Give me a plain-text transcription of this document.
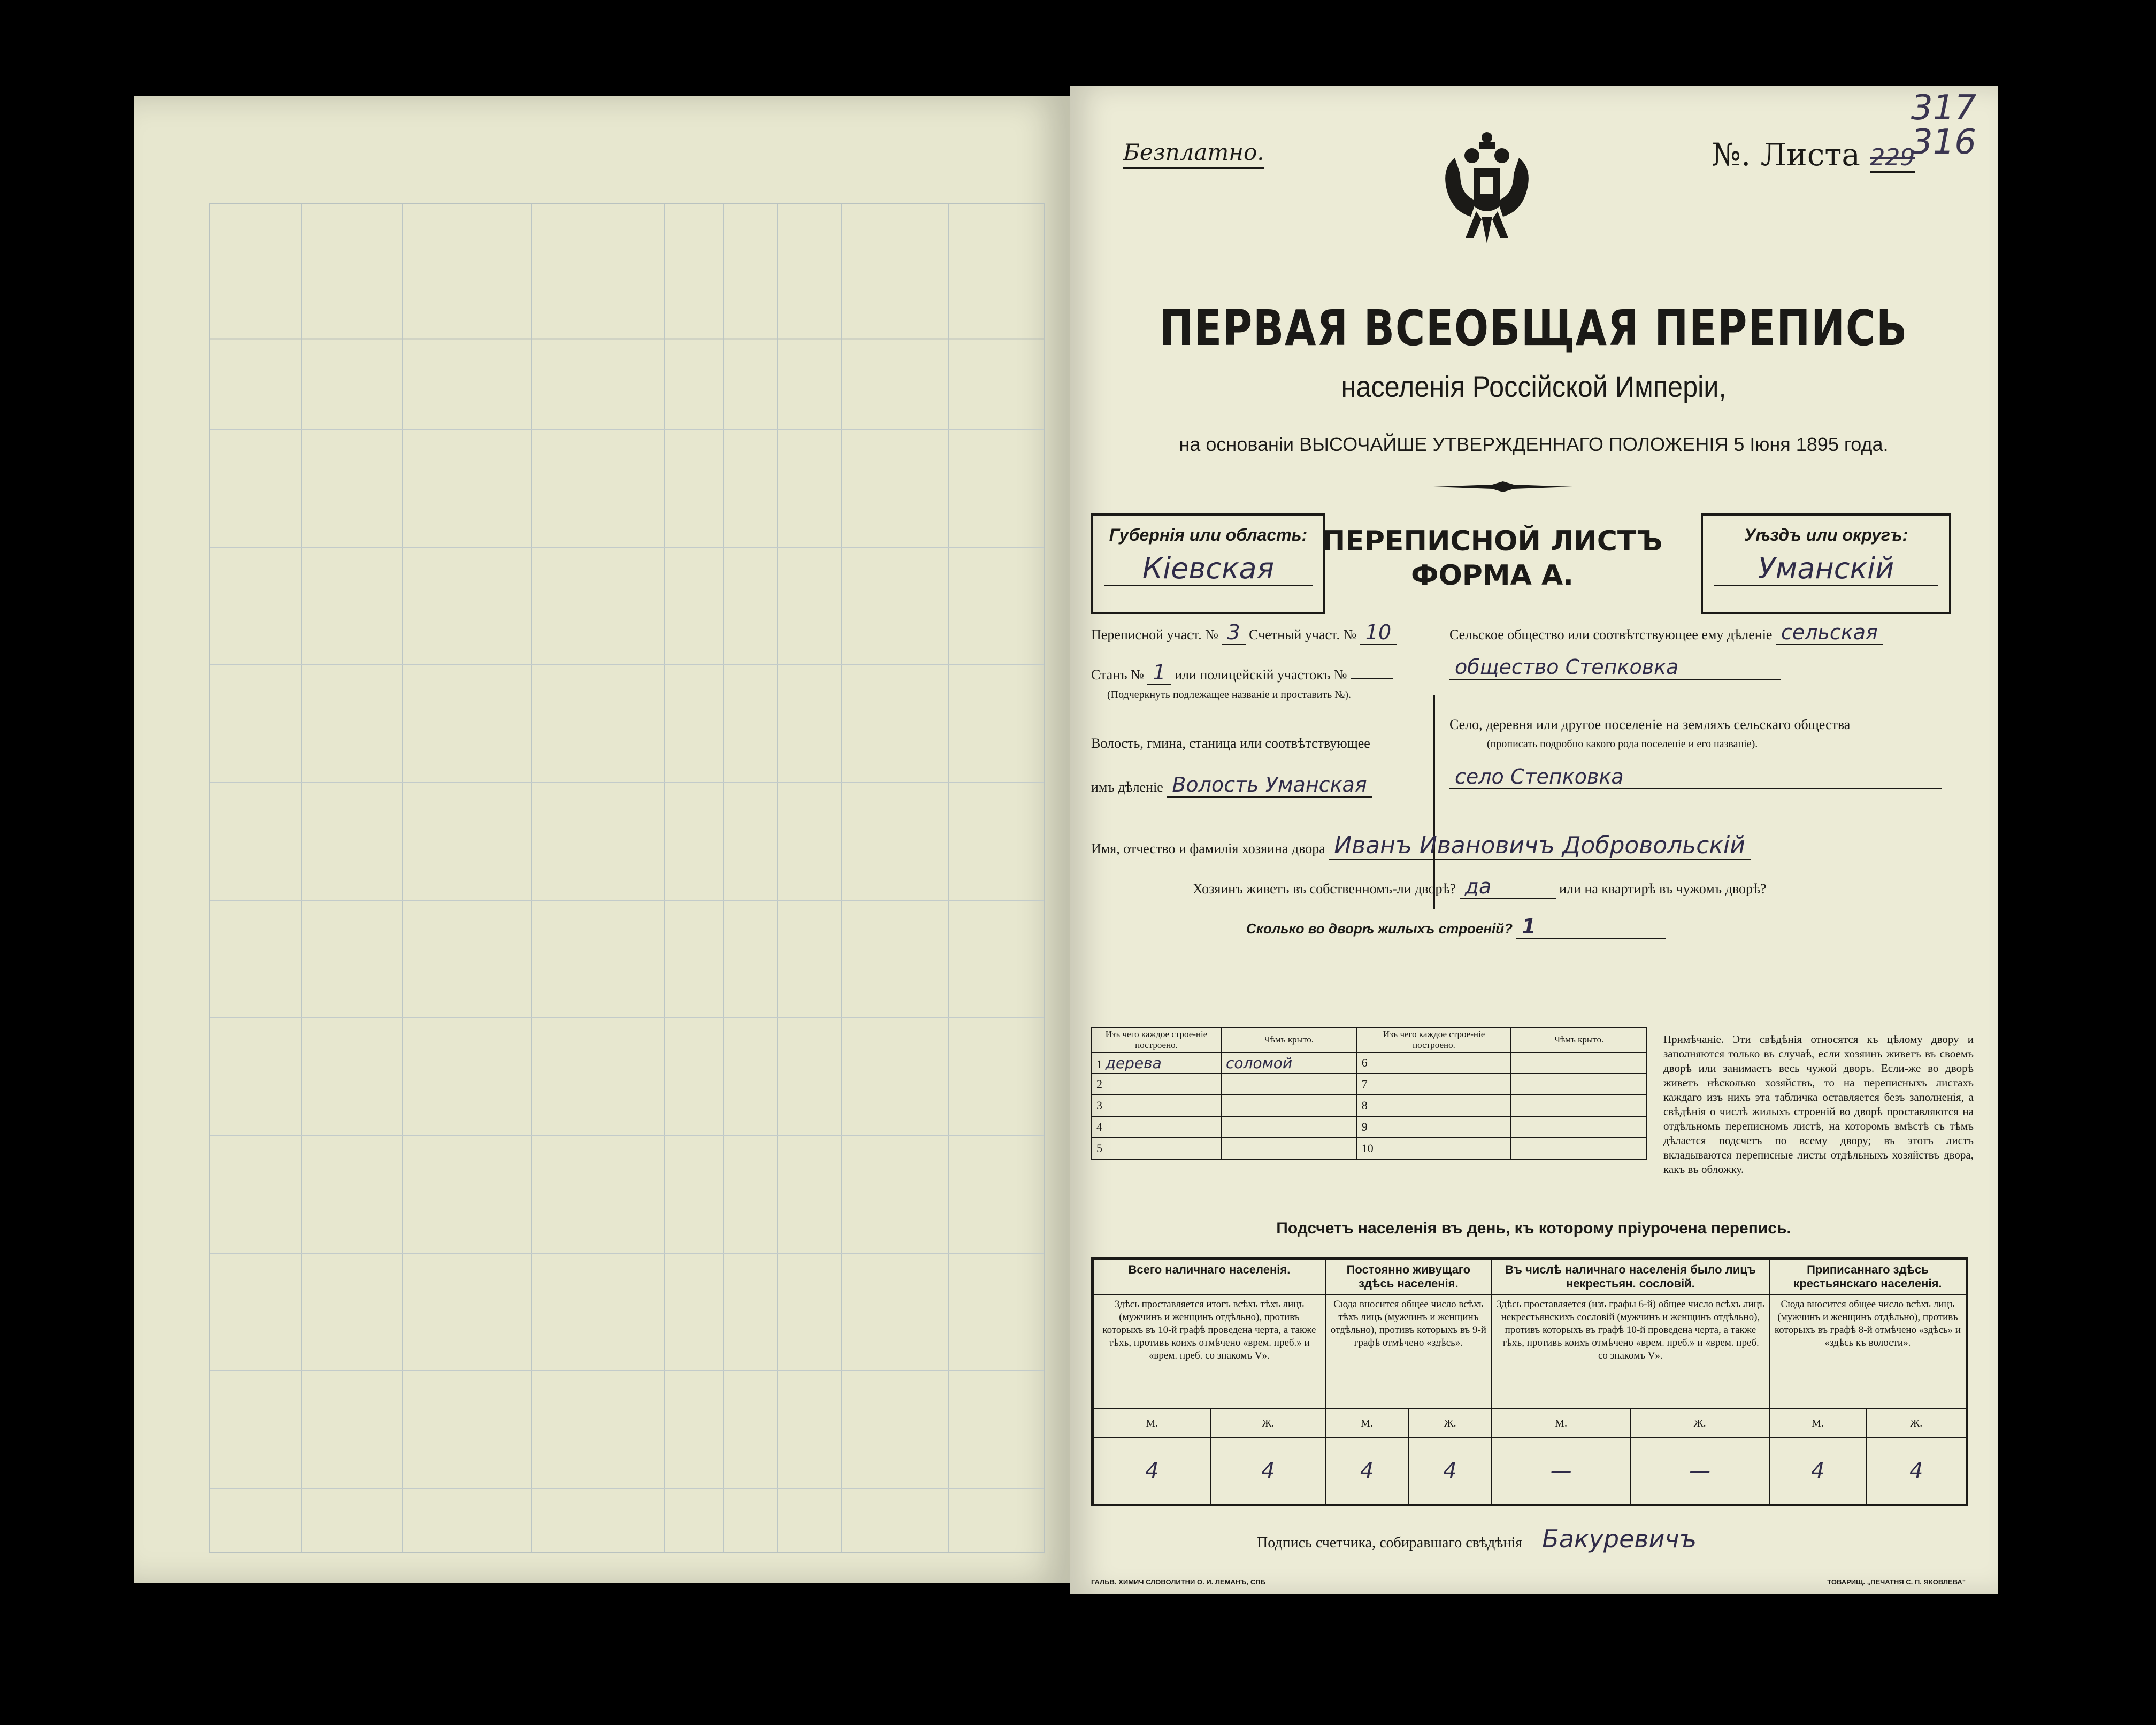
317
316
Безплатно.	№. Листа 229
ПЕРВАЯ ВСЕОБЩАЯ ПЕРЕПИСЬ
населенія Россійской Имперіи,
на основаніи ВЫСОЧАЙШЕ УТВЕРЖДЕННАГО ПОЛОЖЕНІЯ 5 Іюня 1895 года.
Губернія или область:
Кіевская
ПЕРЕПИСНОЙ ЛИСТЪ
ФОРМА А.
Уѣздъ или округъ:
Уманскій
Переписной участ. № 3 Счетный участ. № 10
Станъ № 1 или полицейскій участокъ №
(Подчеркнуть подлежащее названіе и проставить №).
Волость, гмина, станица или соотвѣтствующее
имъ дѣленіе Волость Уманская
Сельское общество или соотвѣтствующее ему дѣленіе сельская
общество Степковка
Село, деревня или другое поселеніе на земляхъ сельскаго общества
(прописать подробно какого рода поселеніе и его названіе).
село Степковка
Имя, отчество и фамилія хозяина двора Иванъ Ивановичъ Добровольскій
Хозяинъ живетъ въ собственномъ-ли дворѣ? да	или на квартирѣ въ чужомъ дворѣ?
Сколько во дворѣ жилыхъ строеній? 1
Изъ чего каждое строе-ніе построено.	Чѣмъ крыто.	Изъ чего каждое строе-ніе построено.	Чѣмъ крыто.
1 дерева	соломой	6	
2		7	
3		8	
4		9	
5		10	
Примѣчаніе. Эти свѣдѣнія относятся къ цѣлому двору и заполняются только въ случаѣ, если хозяинъ живетъ въ своемъ дворѣ или занимаетъ весь чужой дворъ. Если-же во дворѣ живетъ нѣсколько хозяйствъ, то на переписныхъ листахъ каждаго изъ нихъ эта табличка оставляется безъ заполненія, а свѣдѣнія о числѣ жилыхъ строеній во дворѣ проставляются на отдѣльномъ переписномъ листѣ, на которомъ вмѣстѣ съ тѣмъ дѣлается подсчетъ по всему двору; въ этотъ листъ вкладываются переписные листы отдѣльныхъ хозяйствъ двора, какъ въ обложку.
Подсчетъ населенія въ день, къ которому пріурочена перепись.
Всего наличнаго населенія.		Постоянно живущаго здѣсь населенія.		Въ числѣ наличнаго населенія было лицъ некрестьян. сословій.		Приписаннаго здѣсь крестьянскаго населенія.	
Здѣсь проставляется итогъ всѣхъ тѣхъ лицъ (мужчинъ и женщинъ отдѣльно), противъ которыхъ въ 10-й графѣ проведена черта, а также тѣхъ, противъ коихъ отмѣчено «врем. преб.» и «врем. преб. со знакомъ V».		Сюда вносится общее число всѣхъ тѣхъ лицъ (мужчинъ и женщинъ отдѣльно), противъ которыхъ въ 9-й графѣ отмѣчено «здѣсь».		Здѣсь проставляется (изъ графы 6-й) общее число всѣхъ лицъ некрестьянскихъ сословій (мужчинъ и женщинъ отдѣльно), противъ которыхъ въ графѣ 10-й проведена черта, а также тѣхъ, противъ коихъ отмѣчено «врем. преб.» и «врем. преб. со знакомъ V».		Сюда вносится общее число всѣхъ лицъ (мужчинъ и женщинъ отдѣльно), противъ которыхъ въ графѣ 8-й отмѣчено «здѣсь» и «здѣсь къ волости».	
М.	Ж.	М.	Ж.	М.	Ж.	М.	Ж.
4	4	4	4	—	—	4	4
Подпись счетчика, собиравшаго свѣдѣнія Бакуревичъ
ГАЛЬВ. ХИМИЧ СЛОВОЛИТНИ О. И. ЛЕМАНЪ, СПБ	ТОВАРИЩ. „ПЕЧАТНЯ С. П. ЯКОВЛЕВА"
